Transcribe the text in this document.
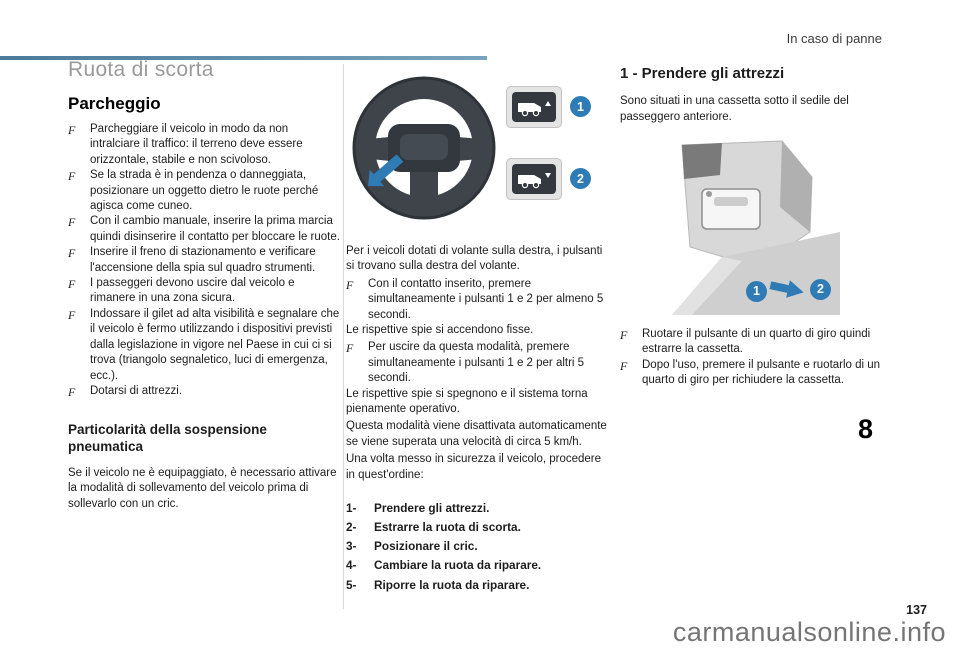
In caso di panne
Ruota di scorta
Parcheggio
F	Parcheggiare il veicolo in modo da non intralciare il traffico: il terreno deve essere orizzontale, stabile e non scivoloso.
F	Se la strada è in pendenza o danneggiata, posizionare un oggetto dietro le ruote perché agisca come cuneo.
F	Con il cambio manuale, inserire la prima marcia quindi disinserire il contatto per bloccare le ruote.
F	Inserire il freno di stazionamento e verificare l'accensione della spia sul quadro strumenti.
F	I passeggeri devono uscire dal veicolo e rimanere in una zona sicura.
F	Indossare il gilet ad alta visibilità e segnalare che il veicolo è fermo utilizzando i dispositivi previsti dalla legislazione in vigore nel Paese in cui ci si trova (triangolo segnaletico, luci di emergenza, ecc.).
F	Dotarsi di attrezzi.
Particolarità della sospensione pneumatica

Se il veicolo ne è equipaggiato, è necessario attivare la modalità di sollevamento del veicolo prima di sollevarlo con un cric.

1
2

Per i veicoli dotati di volante sulla destra, i pulsanti si trovano sulla destra del volante.

F	Con il contatto inserito, premere simultaneamente i pulsanti 1 e 2 per almeno 5 secondi.

Le rispettive spie si accendono fisse.

F	Per uscire da questa modalità, premere simultaneamente i pulsanti 1 e 2 per altri 5 secondi.

Le rispettive spie si spegnono e il sistema torna pienamente operativo.

Questa modalità viene disattivata automaticamente se viene superata una velocità di circa 5 km/h.

Una volta messo in sicurezza il veicolo, procedere in quest'ordine:

1-	Prendere gli attrezzi.
2-	Estrarre la ruota di scorta.
3-	Posizionare il cric.
4-	Cambiare la ruota da riparare.
5-	Riporre la ruota da riparare.
1 - Prendere gli attrezzi

Sono situati in una cassetta sotto il sedile del passeggero anteriore.

1	2
F	Ruotare il pulsante di un quarto di giro quindi estrarre la cassetta.
F	Dopo l'uso, premere il pulsante e ruotarlo di un quarto di giro per richiudere la cassetta.
8
137
carmanualsonline.info
